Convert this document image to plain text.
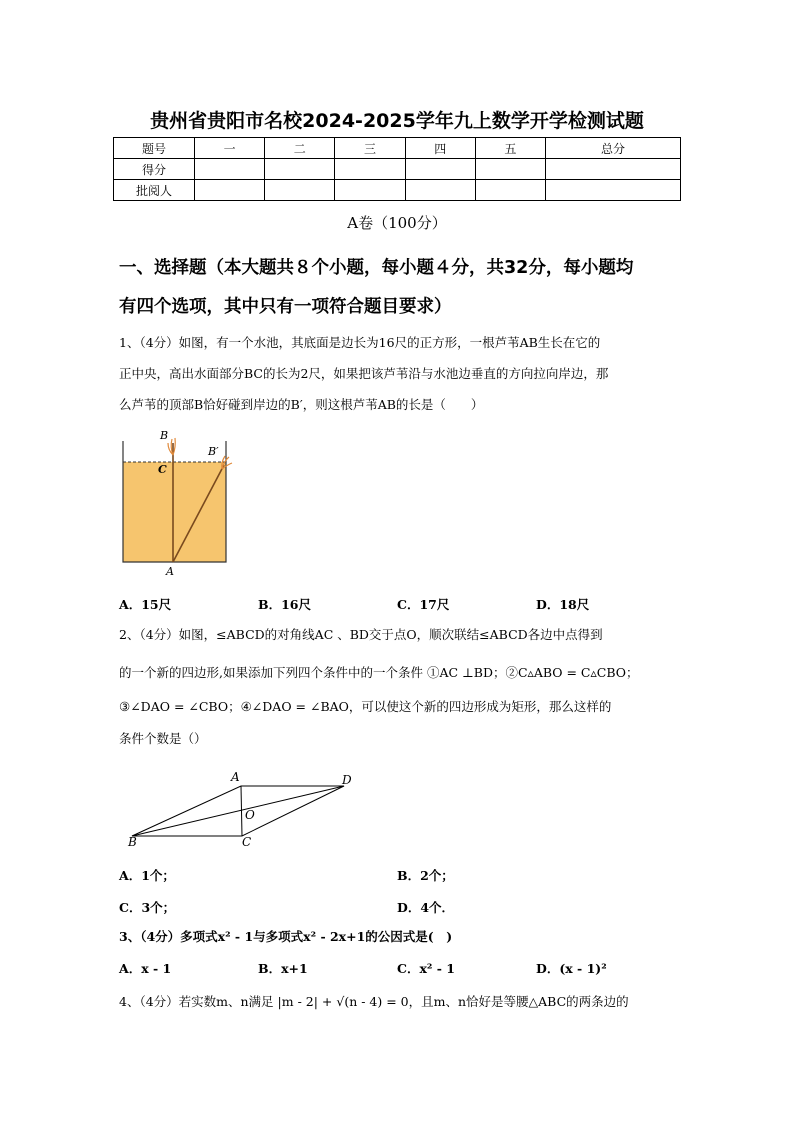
贵州省贵阳市名校2024-2025学年九上数学开学检测试题
题号	一	二	三	四	五	总分
得分						
批阅人						
A卷（100分）
一、选择题（本大题共８个小题，每小题４分，共32分，每小题均
有四个选项，其中只有一项符合题目要求）
1、（4分）如图，有一个水池，其底面是边长为16尺的正方形，一根芦苇AB生长在它的
正中央，高出水面部分BC的长为2尺，如果把该芦苇沿与水池边垂直的方向拉向岸边，那
么芦苇的顶部B恰好碰到岸边的B′，则这根芦苇AB的长是（　　）
B
B′
C
A
A．15尺	B．16尺	C．17尺	D．18尺
2、（4分）如图，≤ABCD的对角线AC 、BD交于点O，顺次联结≤ABCD各边中点得到
的一个新的四边形,如果添加下列四个条件中的一个条件 ①AC ⊥BD；②C▵ABO = C▵CBO；
③∠DAO = ∠CBO；④∠DAO = ∠BAO，可以使这个新的四边形成为矩形，那么这样的
条件个数是（）
A	D
O
B	C
A．1个；	B．2个；
C．3个；	D．4个．
3、（4分）多项式x² - 1与多项式x² - 2x+1的公因式是(　)
A．x - 1	B．x+1	C．x² - 1	D．(x - 1)²
4、（4分）若实数m、n满足 |m - 2| + √(n - 4) = 0，且m、n恰好是等腰△ABC的两条边的
